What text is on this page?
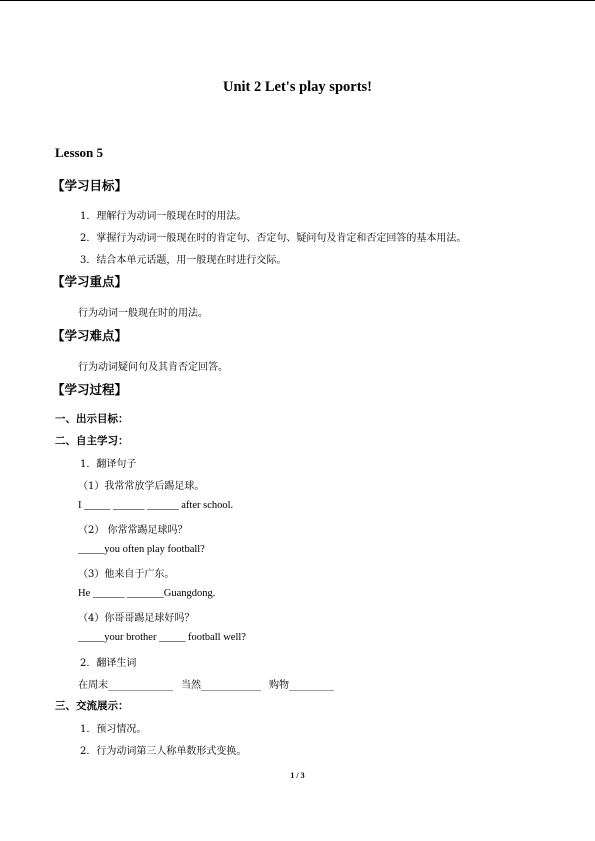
Unit 2 Let's play sports!
Lesson 5
【学习目标】
1．理解行为动词一般现在时的用法。
2．掌握行为动词一般现在时的肯定句、否定句、疑问句及肯定和否定回答的基本用法。
3．结合本单元话题，用一般现在时进行交际。
【学习重点】
行为动词一般现在时的用法。
【学习难点】
行为动词疑问句及其肯否定回答。
【学习过程】
一、出示目标：
二、自主学习：
1．翻译句子
（1）我常常放学后踢足球。
I _____ ______ ______ after school.
（2） 你常常踢足球吗？
_____you often play football?
（3）他来自于广东。
He ______ _______Guangdong.
（4）你哥哥踢足球好吗？
_____your brother _____ football well?
2．翻译生词
在周末_____________ 当然____________ 购物_________
三、交流展示：
1．预习情况。
2．行为动词第三人称单数形式变换。
1 / 3
